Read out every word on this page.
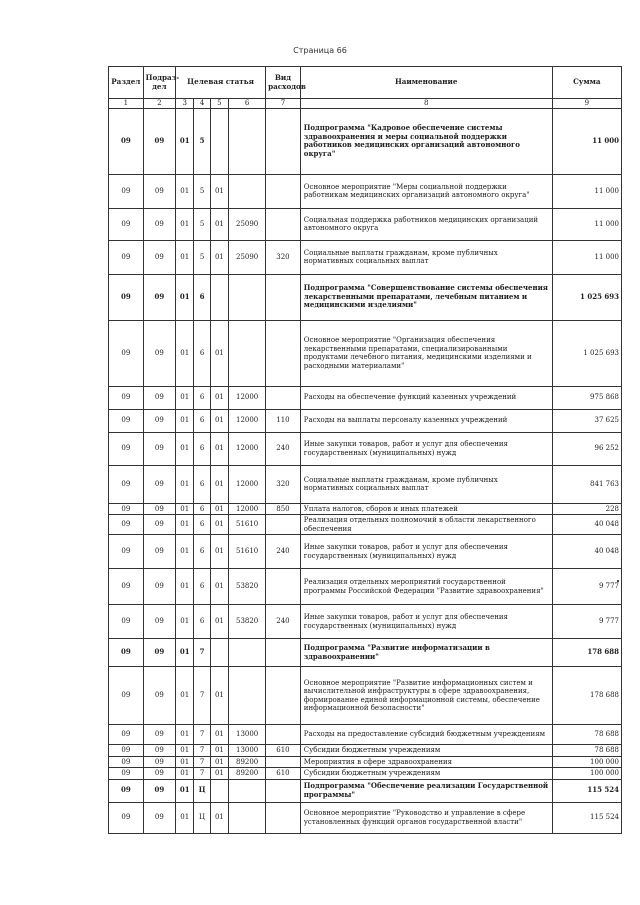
Страница 66
Раздел	Подраз-дел	Целевая статья				Вид расходов	Наименование	Сумма
1	2	3	4	5	6	7	8	9
09	09	01	5				Подпрограмма "Кадровое обеспечение системы здравоохранения и меры социальной поддержки работников медицинских организаций автономного округа"	11 000
09	09	01	5	01			Основное мероприятие "Меры социальной поддержки работникам медицинских организаций автономного округа"	11 000
09	09	01	5	01	25090		Социальная поддержка работников медицинских организаций автономного округа	11 000
09	09	01	5	01	25090	320	Социальные выплаты гражданам, кроме публичных нормативных социальных выплат	11 000
09	09	01	6				Подпрограмма "Совершенствование системы обеспечения лекарственными препаратами, лечебным питанием и медицинскими изделиями"	1 025 693
09	09	01	6	01			Основное мероприятие "Организация обеспечения лекарственными препаратами, специализированными продуктами лечебного питания, медицинскими изделиями и расходными материалами"	1 025 693
09	09	01	6	01	12000		Расходы на обеспечение функций казенных учреждений	975 868
09	09	01	6	01	12000	110	Расходы на выплаты персоналу казенных учреждений	37 625
09	09	01	6	01	12000	240	Иные закупки товаров, работ и услуг для обеспечения государственных (муниципальных) нужд	96 252
09	09	01	6	01	12000	320	Социальные выплаты гражданам, кроме публичных нормативных социальных выплат	841 763
09	09	01	6	01	12000	850	Уплата налогов, сборов и иных платежей	228
09	09	01	6	01	51610		Реализация отдельных полномочий в области лекарственного обеспечения	40 048
09	09	01	6	01	51610	240	Иные закупки товаров, работ и услуг для обеспечения государственных (муниципальных) нужд	40 048
09	09	01	6	01	53820		Реализация отдельных мероприятий государственной программы Российской Федерации "Развитие здравоохранения"	9 777
09	09	01	6	01	53820	240	Иные закупки товаров, работ и услуг для обеспечения государственных (муниципальных) нужд	9 777
09	09	01	7				Подпрограмма "Развитие информатизации в здравоохранении"	178 688
09	09	01	7	01			Основное мероприятие "Развитие информационных систем и вычислительной инфраструктуры в сфере здравоохранения, формирование единой информационной системы, обеспечение информационной безопасности"	178 688
09	09	01	7	01	13000		Расходы на предоставление субсидий бюджетным учреждениям	78 688
09	09	01	7	01	13000	610	Субсидии бюджетным учреждениям	78 688
09	09	01	7	01	89200		Мероприятия в сфере здравоохранения	100 000
09	09	01	7	01	89200	610	Субсидии бюджетным учреждениям	100 000
09	09	01	Ц				Подпрограмма "Обеспечение реализации Государственной программы"	115 524
09	09	01	Ц	01			Основное мероприятие "Руководство и управление в сфере установленных функций органов государственной власти"	115 524
